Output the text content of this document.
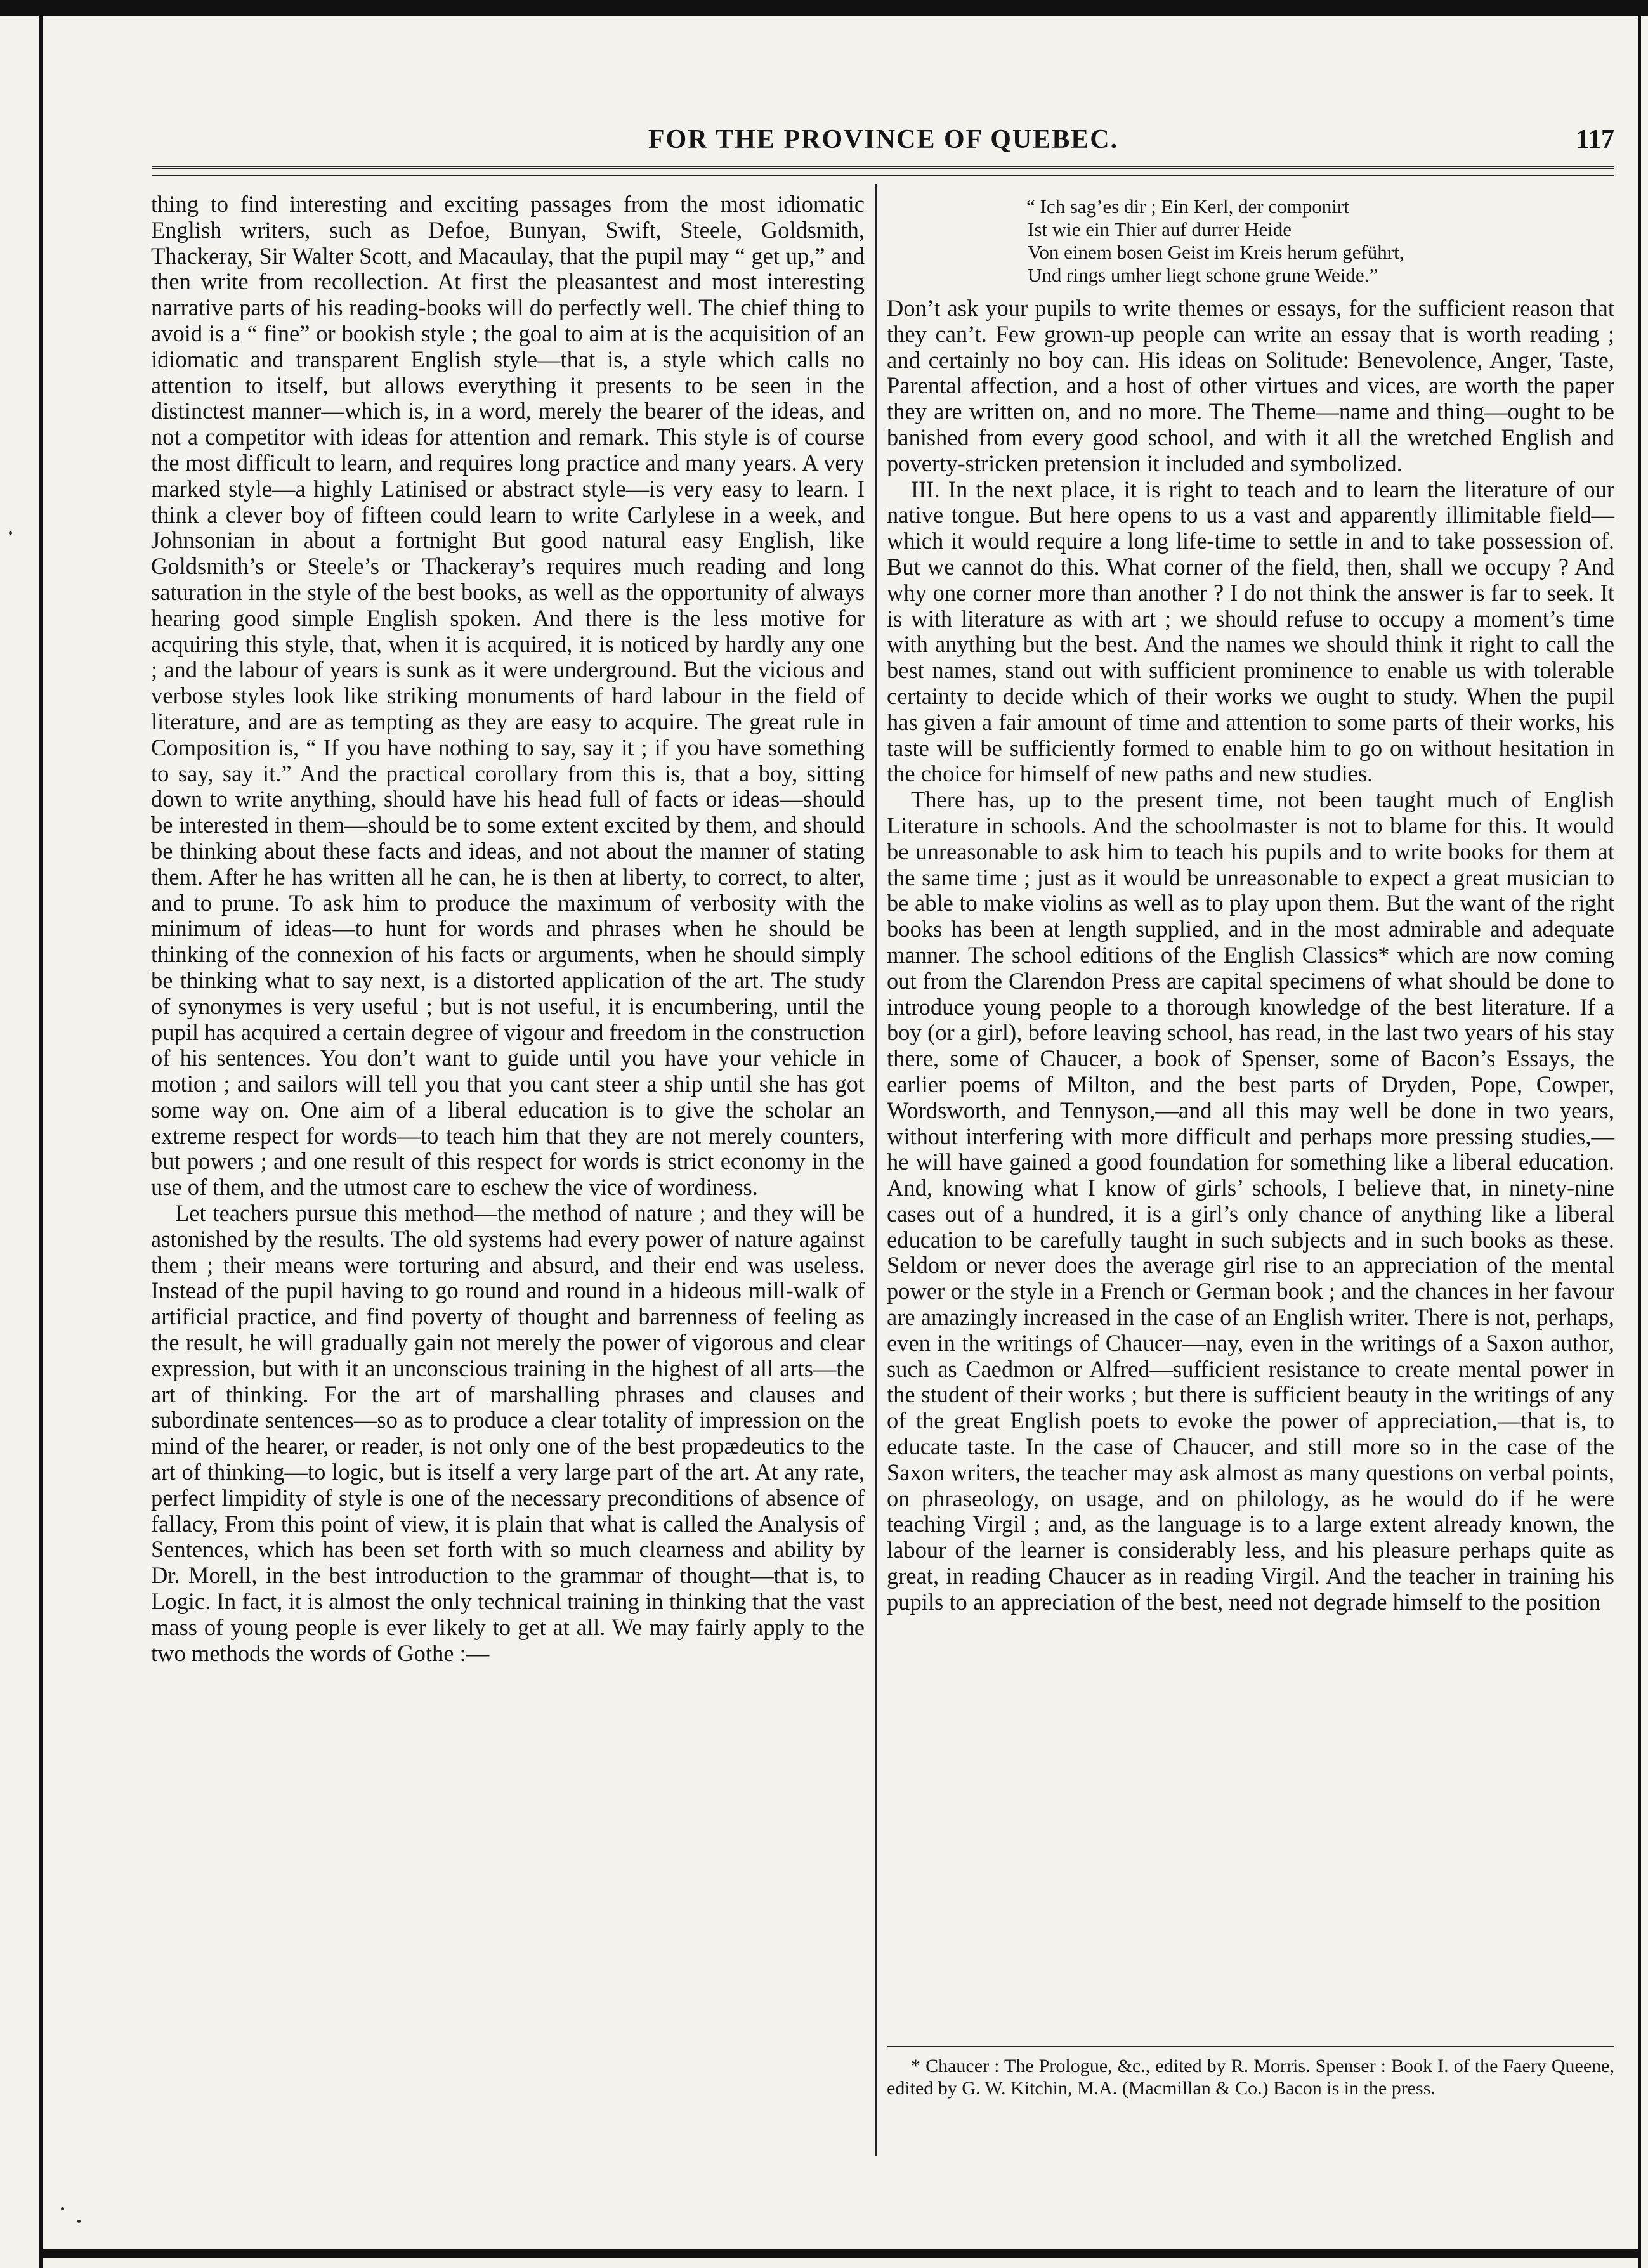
FOR THE PROVINCE OF QUEBEC.	117

thing to find interesting and exciting passages from the most idiomatic English writers, such as Defoe, Bunyan, Swift, Steele, Goldsmith, Thackeray, Sir Walter Scott, and Macaulay, that the pupil may “ get up,” and then write from recollection. At first the pleasantest and most interesting narrative parts of his reading-books will do perfectly well. The chief thing to avoid is a “ fine” or bookish style ; the goal to aim at is the acquisition of an idiomatic and transparent English style—that is, a style which calls no attention to itself, but allows everything it presents to be seen in the distinctest manner—which is, in a word, merely the bearer of the ideas, and not a competitor with ideas for attention and remark. This style is of course the most difficult to learn, and requires long practice and many years. A very marked style—a highly Latinised or abstract style—is very easy to learn. I think a clever boy of fifteen could learn to write Carlylese in a week, and Johnsonian in about a fortnight But good natural easy English, like Goldsmith’s or Steele’s or Thackeray’s requires much reading and long saturation in the style of the best books, as well as the opportunity of always hearing good simple English spoken. And there is the less motive for acquiring this style, that, when it is acquired, it is noticed by hardly any one ; and the labour of years is sunk as it were underground. But the vicious and verbose styles look like striking monuments of hard labour in the field of literature, and are as tempting as they are easy to acquire. The great rule in Composition is, “ If you have nothing to say, say it ; if you have something to say, say it.” And the practical corollary from this is, that a boy, sitting down to write anything, should have his head full of facts or ideas—should be interested in them—should be to some extent excited by them, and should be thinking about these facts and ideas, and not about the manner of stating them. After he has written all he can, he is then at liberty, to correct, to alter, and to prune. To ask him to produce the maximum of verbosity with the minimum of ideas—to hunt for words and phrases when he should be thinking of the connexion of his facts or arguments, when he should simply be thinking what to say next, is a distorted application of the art. The study of synonymes is very useful ; but is not useful, it is encumbering, until the pupil has acquired a certain degree of vigour and freedom in the construction of his sentences. You don’t want to guide until you have your vehicle in motion ; and sailors will tell you that you cant steer a ship until she has got some way on. One aim of a liberal education is to give the scholar an extreme respect for words—to teach him that they are not merely counters, but powers ; and one result of this respect for words is strict economy in the use of them, and the utmost care to eschew the vice of wordiness.

Let teachers pursue this method—the method of nature ; and they will be astonished by the results. The old systems had every power of nature against them ; their means were torturing and absurd, and their end was useless. Instead of the pupil having to go round and round in a hideous mill-walk of artificial practice, and find poverty of thought and barrenness of feeling as the result, he will gradually gain not merely the power of vigorous and clear expression, but with it an unconscious training in the highest of all arts—the art of thinking. For the art of marshalling phrases and clauses and subordinate sentences—so as to produce a clear totality of impression on the mind of the hearer, or reader, is not only one of the best propædeutics to the art of thinking—to logic, but is itself a very large part of the art. At any rate, perfect limpidity of style is one of the necessary preconditions of absence of fallacy, From this point of view, it is plain that what is called the Analysis of Sentences, which has been set forth with so much clearness and ability by Dr. Morell, in the best introduction to the grammar of thought—that is, to Logic. In fact, it is almost the only technical training in thinking that the vast mass of young people is ever likely to get at all. We may fairly apply to the two methods the words of Gothe :—

“ Ich sag’es dir ; Ein Kerl, der componirt
Ist wie ein Thier auf durrer Heide
Von einem bosen Geist im Kreis herum geführt,
Und rings umher liegt schone grune Weide.”

Don’t ask your pupils to write themes or essays, for the sufficient reason that they can’t. Few grown-up people can write an essay that is worth reading ; and certainly no boy can. His ideas on Solitude: Benevolence, Anger, Taste, Parental affection, and a host of other virtues and vices, are worth the paper they are written on, and no more. The Theme—name and thing—ought to be banished from every good school, and with it all the wretched English and poverty-stricken pretension it included and symbolized.

III. In the next place, it is right to teach and to learn the literature of our native tongue. But here opens to us a vast and apparently illimitable field—which it would require a long life-time to settle in and to take possession of. But we cannot do this. What corner of the field, then, shall we occupy ? And why one corner more than another ? I do not think the answer is far to seek. It is with literature as with art ; we should refuse to occupy a moment’s time with anything but the best. And the names we should think it right to call the best names, stand out with sufficient prominence to enable us with tolerable certainty to decide which of their works we ought to study. When the pupil has given a fair amount of time and attention to some parts of their works, his taste will be sufficiently formed to enable him to go on without hesitation in the choice for himself of new paths and new studies.

There has, up to the present time, not been taught much of English Literature in schools. And the schoolmaster is not to blame for this. It would be unreasonable to ask him to teach his pupils and to write books for them at the same time ; just as it would be unreasonable to expect a great musician to be able to make violins as well as to play upon them. But the want of the right books has been at length supplied, and in the most admirable and adequate manner. The school editions of the English Classics* which are now coming out from the Clarendon Press are capital specimens of what should be done to introduce young people to a thorough knowledge of the best literature. If a boy (or a girl), before leaving school, has read, in the last two years of his stay there, some of Chaucer, a book of Spenser, some of Bacon’s Essays, the earlier poems of Milton, and the best parts of Dryden, Pope, Cowper, Wordsworth, and Tennyson,—and all this may well be done in two years, without interfering with more difficult and perhaps more pressing studies,—he will have gained a good foundation for something like a liberal education. And, knowing what I know of girls’ schools, I believe that, in ninety-nine cases out of a hundred, it is a girl’s only chance of anything like a liberal education to be carefully taught in such subjects and in such books as these. Seldom or never does the average girl rise to an appreciation of the mental power or the style in a French or German book ; and the chances in her favour are amazingly increased in the case of an English writer. There is not, perhaps, even in the writings of Chaucer—nay, even in the writings of a Saxon author, such as Caedmon or Alfred—sufficient resistance to create mental power in the student of their works ; but there is sufficient beauty in the writings of any of the great English poets to evoke the power of appreciation,—that is, to educate taste. In the case of Chaucer, and still more so in the case of the Saxon writers, the teacher may ask almost as many questions on verbal points, on phraseology, on usage, and on philology, as he would do if he were teaching Virgil ; and, as the language is to a large extent already known, the labour of the learner is considerably less, and his pleasure perhaps quite as great, in reading Chaucer as in reading Virgil. And the teacher in training his pupils to an appreciation of the best, need not degrade himself to the position

* Chaucer : The Prologue, &c., edited by R. Morris. Spenser : Book I. of the Faery Queene, edited by G. W. Kitchin, M.A. (Macmillan & Co.) Bacon is in the press.
